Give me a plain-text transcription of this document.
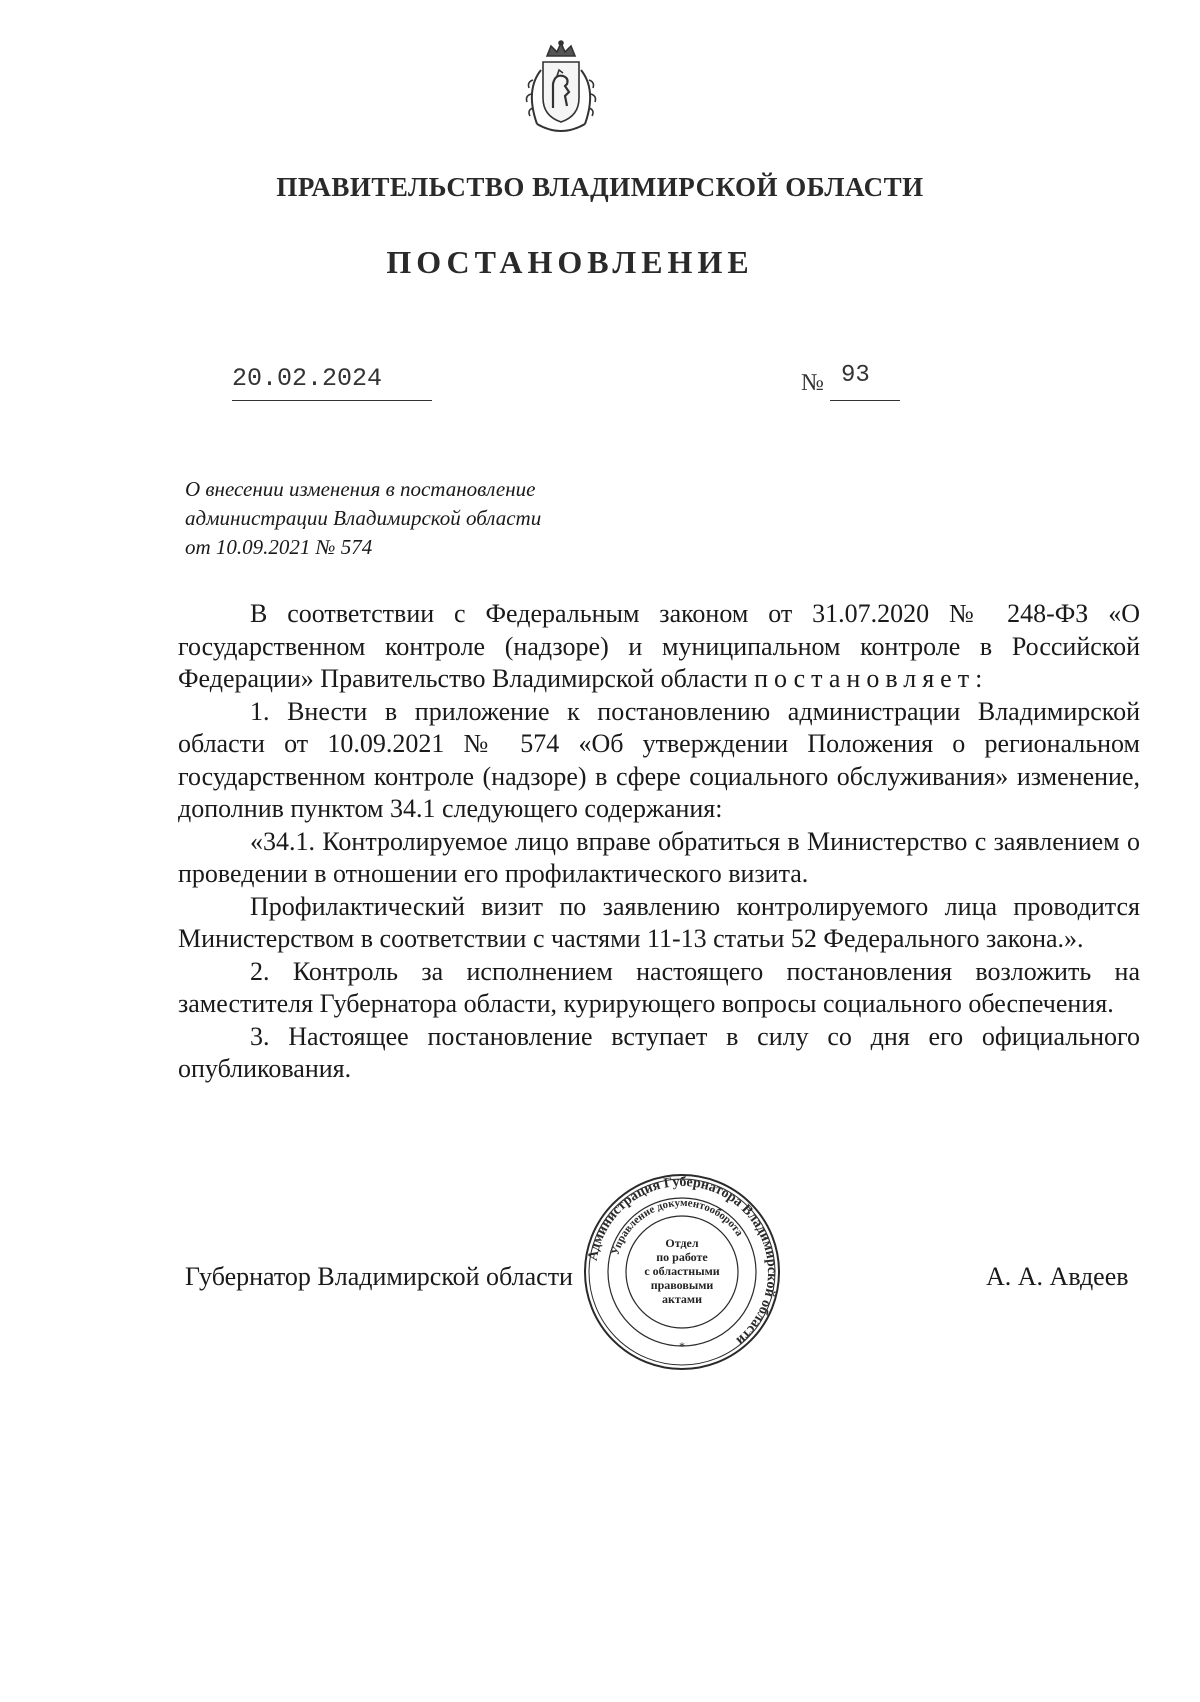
ПРАВИТЕЛЬСТВО ВЛАДИМИРСКОЙ ОБЛАСТИ
ПОСТАНОВЛЕНИЕ
20.02.2024	№ 93
О внесении изменения в постановление
администрации Владимирской области
от 10.09.2021 № 574

В соответствии с Федеральным законом от 31.07.2020 № 248-ФЗ «О государственном контроле (надзоре) и муниципальном контроле в Российской Федерации» Правительство Владимирской области постановляет:

1. Внести в приложение к постановлению администрации Владимирской области от 10.09.2021 № 574 «Об утверждении Положения о региональном государственном контроле (надзоре) в сфере социального обслуживания» изменение, дополнив пунктом 34.1 следующего содержания:

«34.1. Контролируемое лицо вправе обратиться в Министерство с заявлением о проведении в отношении его профилактического визита.

Профилактический визит по заявлению контролируемого лица проводится Министерством в соответствии с частями 11-13 статьи 52 Федерального закона.».

2. Контроль за исполнением настоящего постановления возложить на заместителя Губернатора области, курирующего вопросы социального обеспечения.

3. Настоящее постановление вступает в силу со дня его официального опубликования.

Губернатор Владимирской области	А. А. Авдеев
Администрация Губернатора Владимирской области
Управление документооборота
*
Отдел
по работе
с областными
правовыми
актами
